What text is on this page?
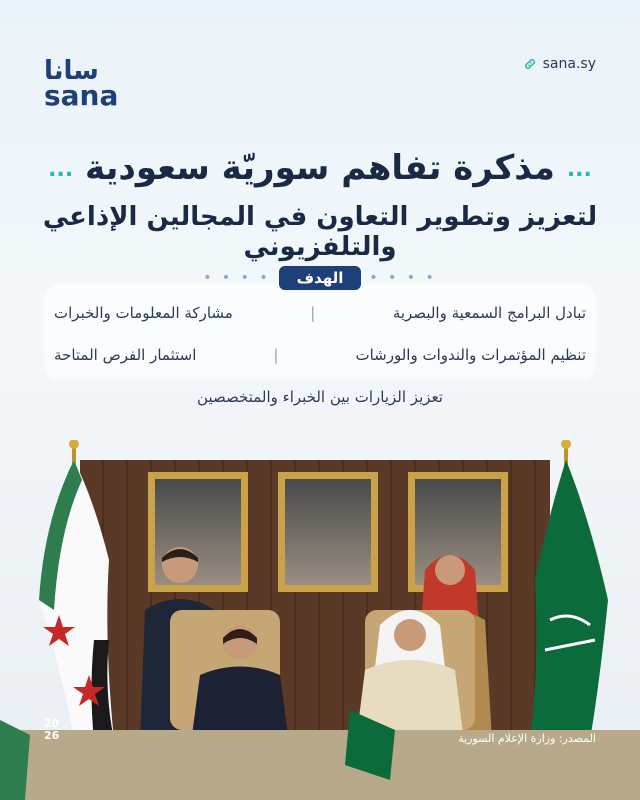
سانا
sana
sana.sy
... مذكرة تفاهم سوريّة سعودية ...
لتعزيز وتطوير التعاون في المجالين الإذاعي والتلفزيوني
• • • •	الهدف	• • • •
تبادل البرامج السمعية والبصرية
|
مشاركة المعلومات والخبرات
تنظيم المؤتمرات والندوات والورشات
|
استثمار الفرص المتاحة
تعزيز الزيارات بين الخبراء والمتخصصين
20
26	المصدر: وزارة الإعلام السورية
